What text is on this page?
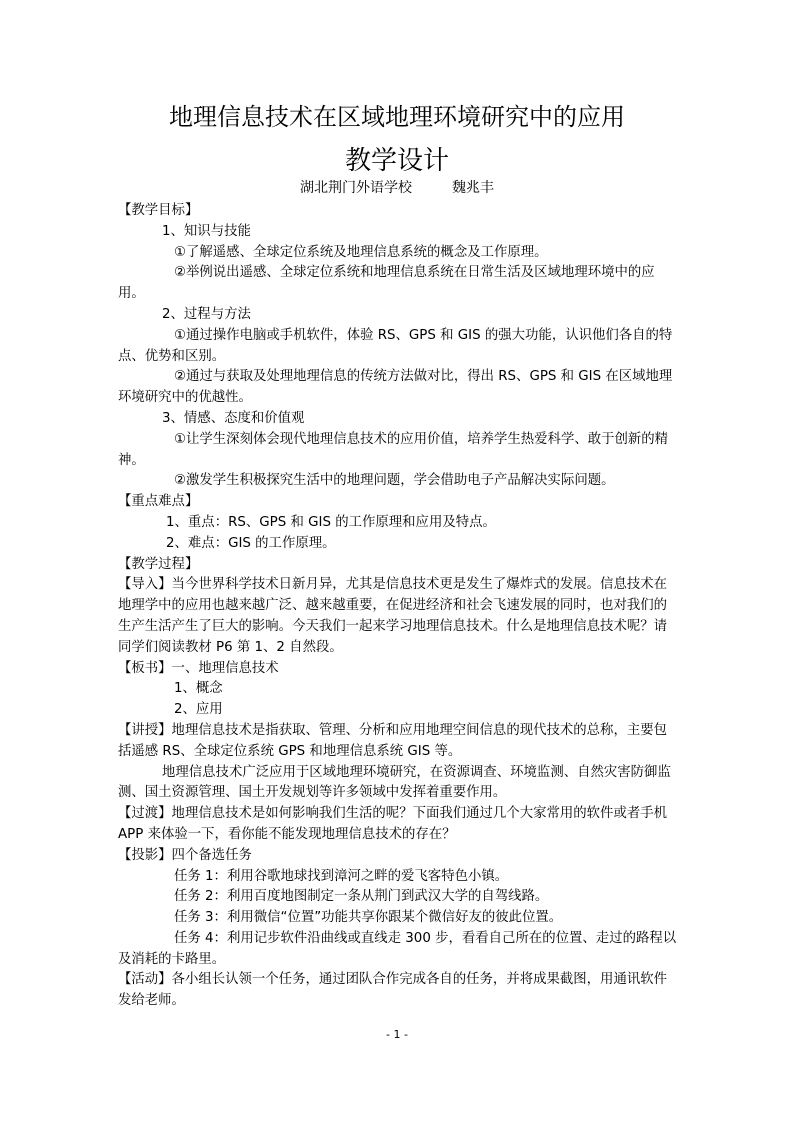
地理信息技术在区域地理环境研究中的应用
教学设计
湖北荆门外语学校	魏兆丰

【教学目标】

1、知识与技能

①了解遥感、全球定位系统及地理信息系统的概念及工作原理。

②举例说出遥感、全球定位系统和地理信息系统在日常生活及区域地理环境中的应用。

2、过程与方法

①通过操作电脑或手机软件，体验 RS、GPS 和 GIS 的强大功能，认识他们各自的特点、优势和区别。

②通过与获取及处理地理信息的传统方法做对比，得出 RS、GPS 和 GIS 在区域地理环境研究中的优越性。

3、情感、态度和价值观

①让学生深刻体会现代地理信息技术的应用价值，培养学生热爱科学、敢于创新的精神。

②激发学生积极探究生活中的地理问题，学会借助电子产品解决实际问题。

【重点难点】

1、重点：RS、GPS 和 GIS 的工作原理和应用及特点。

2、难点：GIS 的工作原理。

【教学过程】

【导入】当今世界科学技术日新月异，尤其是信息技术更是发生了爆炸式的发展。信息技术在地理学中的应用也越来越广泛、越来越重要，在促进经济和社会飞速发展的同时，也对我们的生产生活产生了巨大的影响。今天我们一起来学习地理信息技术。什么是地理信息技术呢？请同学们阅读教材 P6 第 1、2 自然段。

【板书】一、地理信息技术

1、概念

2、应用

【讲授】地理信息技术是指获取、管理、分析和应用地理空间信息的现代技术的总称，主要包括遥感 RS、全球定位系统 GPS 和地理信息系统 GIS 等。

地理信息技术广泛应用于区域地理环境研究，在资源调查、环境监测、自然灾害防御监测、国土资源管理、国土开发规划等许多领域中发挥着重要作用。

【过渡】地理信息技术是如何影响我们生活的呢？下面我们通过几个大家常用的软件或者手机 APP 来体验一下，看你能不能发现地理信息技术的存在？

【投影】四个备选任务

任务 1：利用谷歌地球找到漳河之畔的爱飞客特色小镇。

任务 2：利用百度地图制定一条从荆门到武汉大学的自驾线路。

任务 3：利用微信“位置”功能共享你跟某个微信好友的彼此位置。

任务 4：利用记步软件沿曲线或直线走 300 步，看看自己所在的位置、走过的路程以及消耗的卡路里。

【活动】各小组长认领一个任务，通过团队合作完成各自的任务，并将成果截图，用通讯软件发给老师。

- 1 -
